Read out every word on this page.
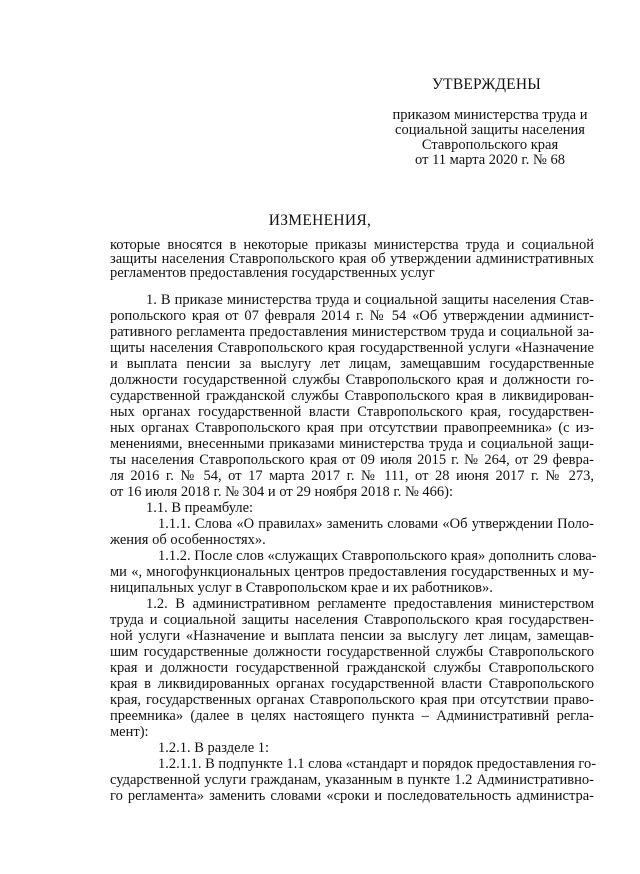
УТВЕРЖДЕНЫ
приказом министерства труда и
социальной защиты населения
Ставропольского края
от 11 марта 2020 г. № 68
ИЗМЕНЕНИЯ,
которые вносятся в некоторые приказы министерства труда и социальной
защиты населения Ставропольского края об утверждении административных
регламентов предоставления государственных услуг
1. В приказе министерства труда и социальной защиты населения Став-
ропольского края от 07 февраля 2014 г. № 54 «Об утверждении админист-
ративного регламента предоставления министерством труда и социальной за-
щиты населения Ставропольского края государственной услуги «Назначение
и выплата пенсии за выслугу лет лицам, замещавшим государственные
должности государственной службы Ставропольского края и должности го-
сударственной гражданской службы Ставропольского края в ликвидирован-
ных органах государственной власти Ставропольского края, государствен-
ных органах Ставропольского края при отсутствии правопреемника» (с из-
менениями, внесенными приказами министерства труда и социальной защи-
ты населения Ставропольского края от 09 июля 2015 г. № 264, от 29 февра-
ля 2016 г. № 54, от 17 марта 2017 г. № 111, от 28 июня 2017 г. № 273,
от 16 июля 2018 г. № 304 и от 29 ноября 2018 г. № 466):
1.1. В преамбуле:
1.1.1. Слова «О правилах» заменить словами «Об утверждении Поло-
жения об особенностях».
1.1.2. После слов «служащих Ставропольского края» дополнить слова-
ми «, многофункциональных центров предоставления государственных и му-
ниципальных услуг в Ставропольском крае и их работников».
1.2. В административном регламенте предоставления министерством
труда и социальной защиты населения Ставропольского края государствен-
ной услуги «Назначение и выплата пенсии за выслугу лет лицам, замещав-
шим государственные должности государственной службы Ставропольского
края и должности государственной гражданской службы Ставропольского
края в ликвидированных органах государственной власти Ставропольского
края, государственных органах Ставропольского края при отсутствии право-
преемника» (далее в целях настоящего пункта – Административнй регла-
мент):
1.2.1. В разделе 1:
1.2.1.1. В подпункте 1.1 слова «стандарт и порядок предоставления го-
сударственной услуги гражданам, указанным в пункте 1.2 Административно-
го регламента» заменить словами «сроки и последовательность администра-
